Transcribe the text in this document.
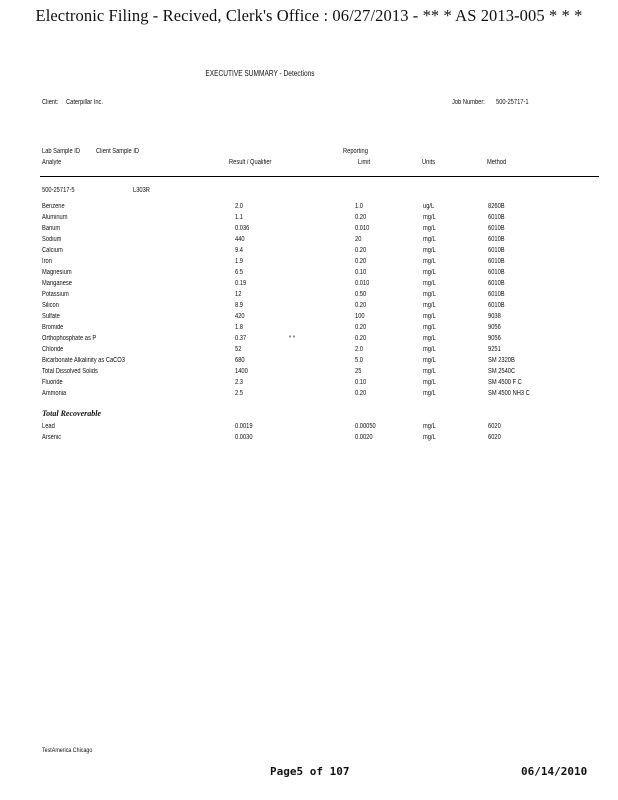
Electronic Filing - Recived, Clerk's Office : 06/27/2013 - ** * AS 2013-005 * * *
EXECUTIVE SUMMARY - Detections
Client: Caterpillar Inc.	Job Number: 500-25717-1
Lab Sample ID Client Sample ID	Reporting
Analyte	Result / Qualifier	Limit	Units	Method
500-25717-5	L303R
Benzene	2.0	1.0	ug/L	8260B
Aluminum	1.1	0.20	mg/L	6010B
Barium	0.036	0.010	mg/L	6010B
Sodium	440	20	mg/L	6010B
Calcium	9.4	0.20	mg/L	6010B
Iron	1.9	0.20	mg/L	6010B
Magnesium	6.5	0.10	mg/L	6010B
Manganese	0.19	0.010	mg/L	6010B
Potassium	12	0.50	mg/L	6010B
Silicon	8.9	0.20	mg/L	6010B
Sulfate	420	100	mg/L	9038
Bromide	1.8	0.20	mg/L	9056
Orthophosphate as P	0.37	* *	0.20	mg/L	9056
Chloride	52	2.0	mg/L	9251
Bicarbonate Alkalinity as CaCO3	680	5.0	mg/L	SM 2320B
Total Dissolved Solids	1400	25	mg/L	SM 2540C
Fluoride	2.3	0.10	mg/L	SM 4500 F C
Ammonia	2.5	0.20	mg/L	SM 4500 NH3 C
Total Recoverable
Lead	0.0019	0.00050	mg/L	6020
Arsenic	0.0030	0.0020	mg/L	6020
TestAmerica Chicago
Page5 of 107	06/14/2010
